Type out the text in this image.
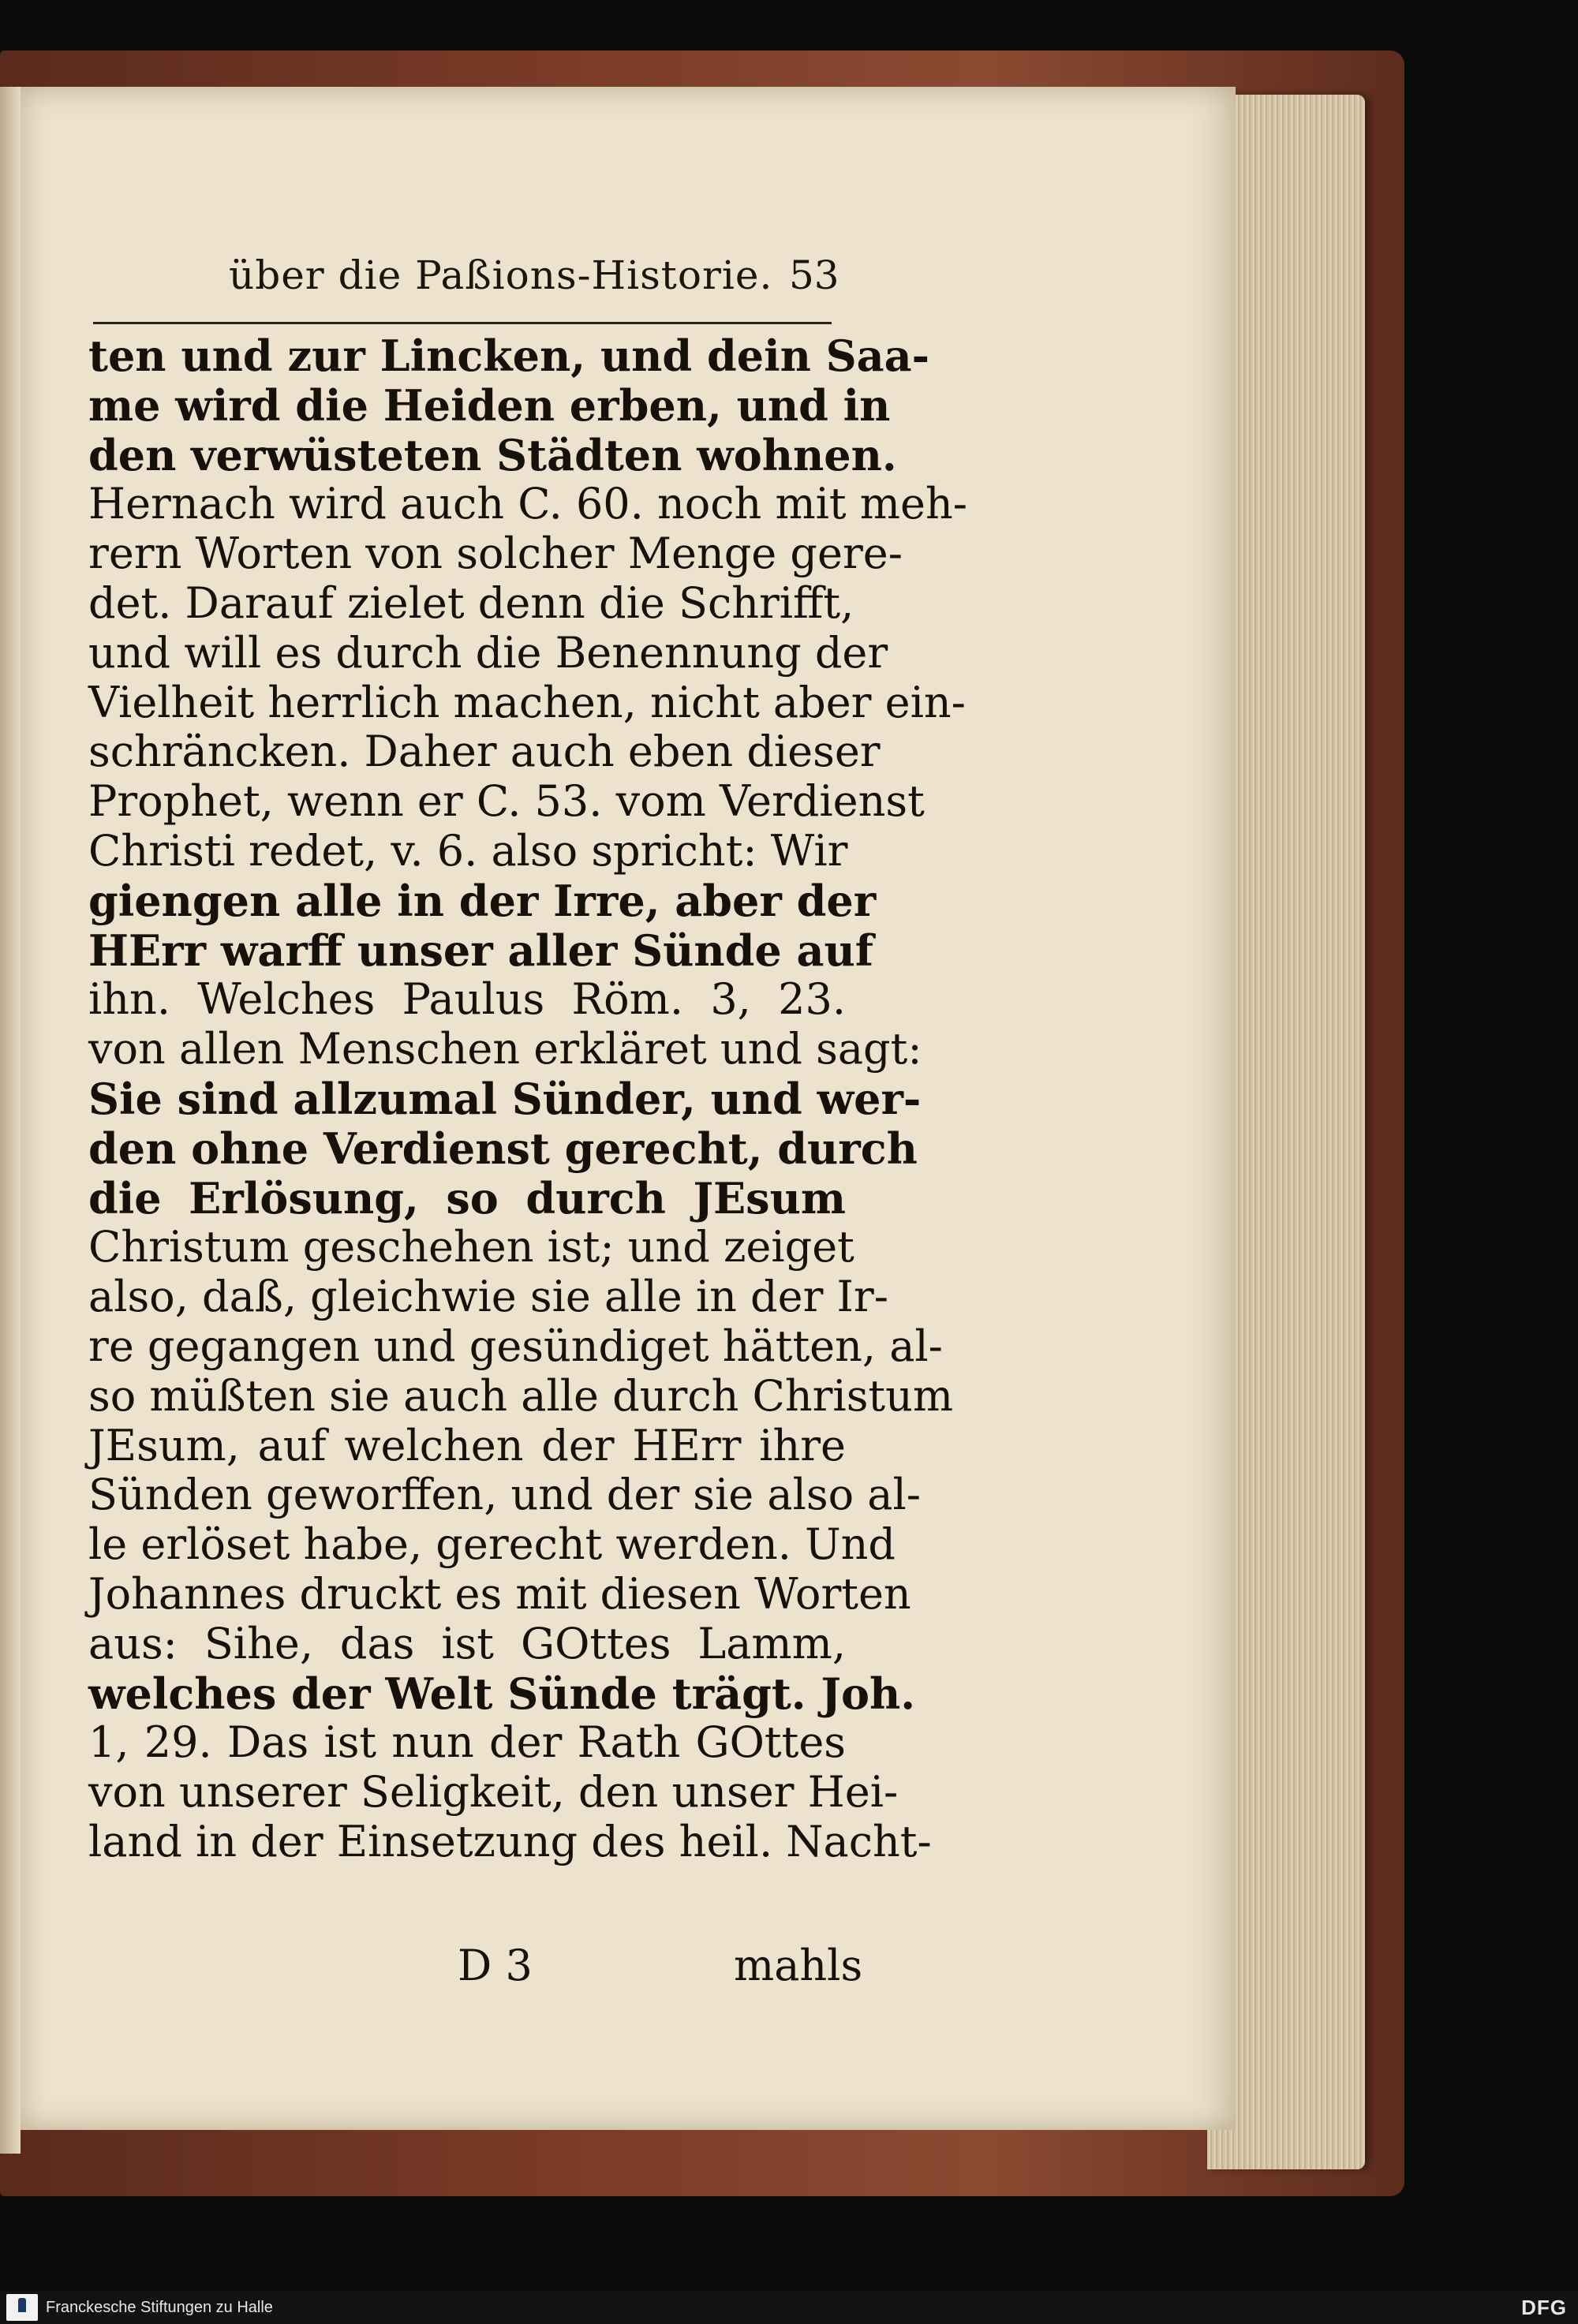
über die Paßions-Historie. 53
ten und zur Lincken, und dein Saa-
me wird die Heiden erben, und in
den verwüsteten Städten wohnen.
Hernach wird auch C. 60. noch mit meh-
rern Worten von solcher Menge gere-
det. Darauf zielet denn die Schrifft,
und will es durch die Benennung der
Vielheit herrlich machen, nicht aber ein-
schräncken. Daher auch eben dieser
Prophet, wenn er C. 53. vom Verdienst
Christi redet, v. 6. also spricht: Wir
giengen alle in der Irre, aber der
HErr warff unser aller Sünde auf
ihn. Welches Paulus Röm. 3, 23.
von allen Menschen erkläret und sagt:
Sie sind allzumal Sünder, und wer-
den ohne Verdienst gerecht, durch
die Erlösung, so durch JEsum
Christum geschehen ist; und zeiget
also, daß, gleichwie sie alle in der Ir-
re gegangen und gesündiget hätten, al-
so müßten sie auch alle durch Christum
JEsum, auf welchen der HErr ihre
Sünden geworffen, und der sie also al-
le erlöset habe, gerecht werden. Und
Johannes druckt es mit diesen Worten
aus: Sihe, das ist GOttes Lamm,
welches der Welt Sünde trägt. Joh.
1, 29. Das ist nun der Rath GOttes
von unserer Seligkeit, den unser Hei-
land in der Einsetzung des heil. Nacht-
D 3	mahls
Franckesche Stiftungen zu Halle	DFG
